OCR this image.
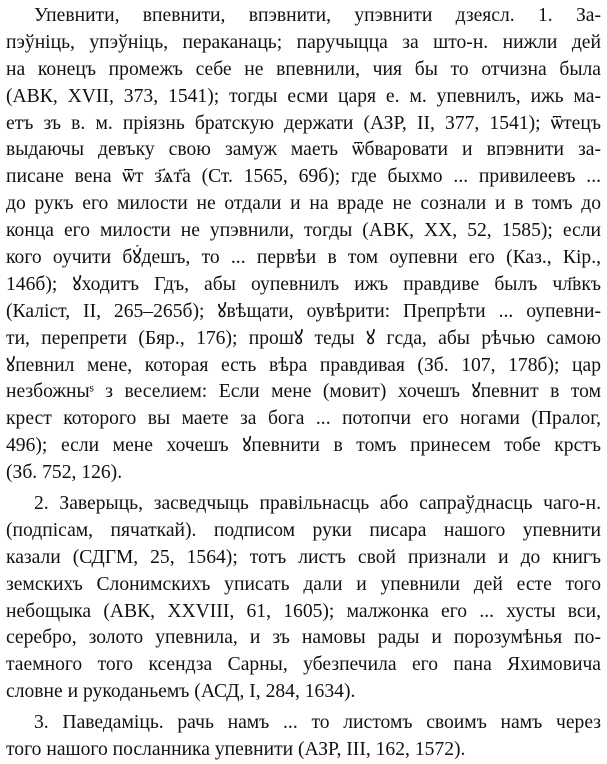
Упевнити, впевнити, впэвнити, упэвнити дзеясл. 1. За-
пэўніць, упэўніць, пераканаць; паручыцца за што-н. нижли дей
на конецъ промежъ себе не впевнили, чия бы то отчизна была
(АВК, XVII, 373, 1541); тогды есми царя е. м. упевнилъ, ижь ма-
етъ зъ в. м. пріязнь братскую держати (АЗР, II, 377, 1541); ѿтецъ
выдаючы девъку свою замуж маеть ѿбваровати и впэвнити за-
писане вена ѿт з҃ѧт҃а (Ст. 1565, 69б); где быхмо ... привилеевъ ...
до рукъ его милости не отдали и на враде не сознали и в томъ до
конца его милости не упэвнили, тогды (АВК, XX, 52, 1585); если
кого оучити бꙋ́дешъ, то ... первѣи в том оупевни его (Каз., Кір.,
146б); ꙋходитъ Гдъ, абы оупевнилъ ижъ правдиве былъ чл҃вкъ
(Каліст, II, 265–265б); ꙋвѣщати, оувѣрити: Препрѣти ... оупевни-
ти, перепрети (Бяр., 176); прошꙋ теды ꙋ гсда, абы рѣчью самою
ꙋпевнил мене, которая есть вѣра правдивая (Зб. 107, 178б); цар
незбожныˢ з веселием: Если мене (мовит) хочешъ ꙋпевнит в том
крест которого вы маете за бога ... потопчи его ногами (Пралог,
496); если мене хочешъ ꙋпевнити в томъ принесем тобе крстъ
(Зб. 752, 126).
2. Заверыць, засведчыць правільнасць або сапраўднасць чаго-н.
(подпісам, пячаткай). подписом руки писара нашого упевнити
казали (СДГМ, 25, 1564); тотъ листъ свой признали и до книгъ
земскихъ Слонимскихъ уписать дали и упевнили дей есте того
небощыка (АВК, XXVIII, 61, 1605); малжонка его ... хусты вси,
серебро, золото упевнила, и зъ намовы рады и порозумѣнья по-
таемного того ксендза Сарны, убезпечила его пана Яхимовича
словне и рукоданьемъ (АСД, I, 284, 1634).
3. Паведаміць. рачь намъ ... то листомъ своимъ намъ через
того нашого посланника упевнити (АЗР, III, 162, 1572).
